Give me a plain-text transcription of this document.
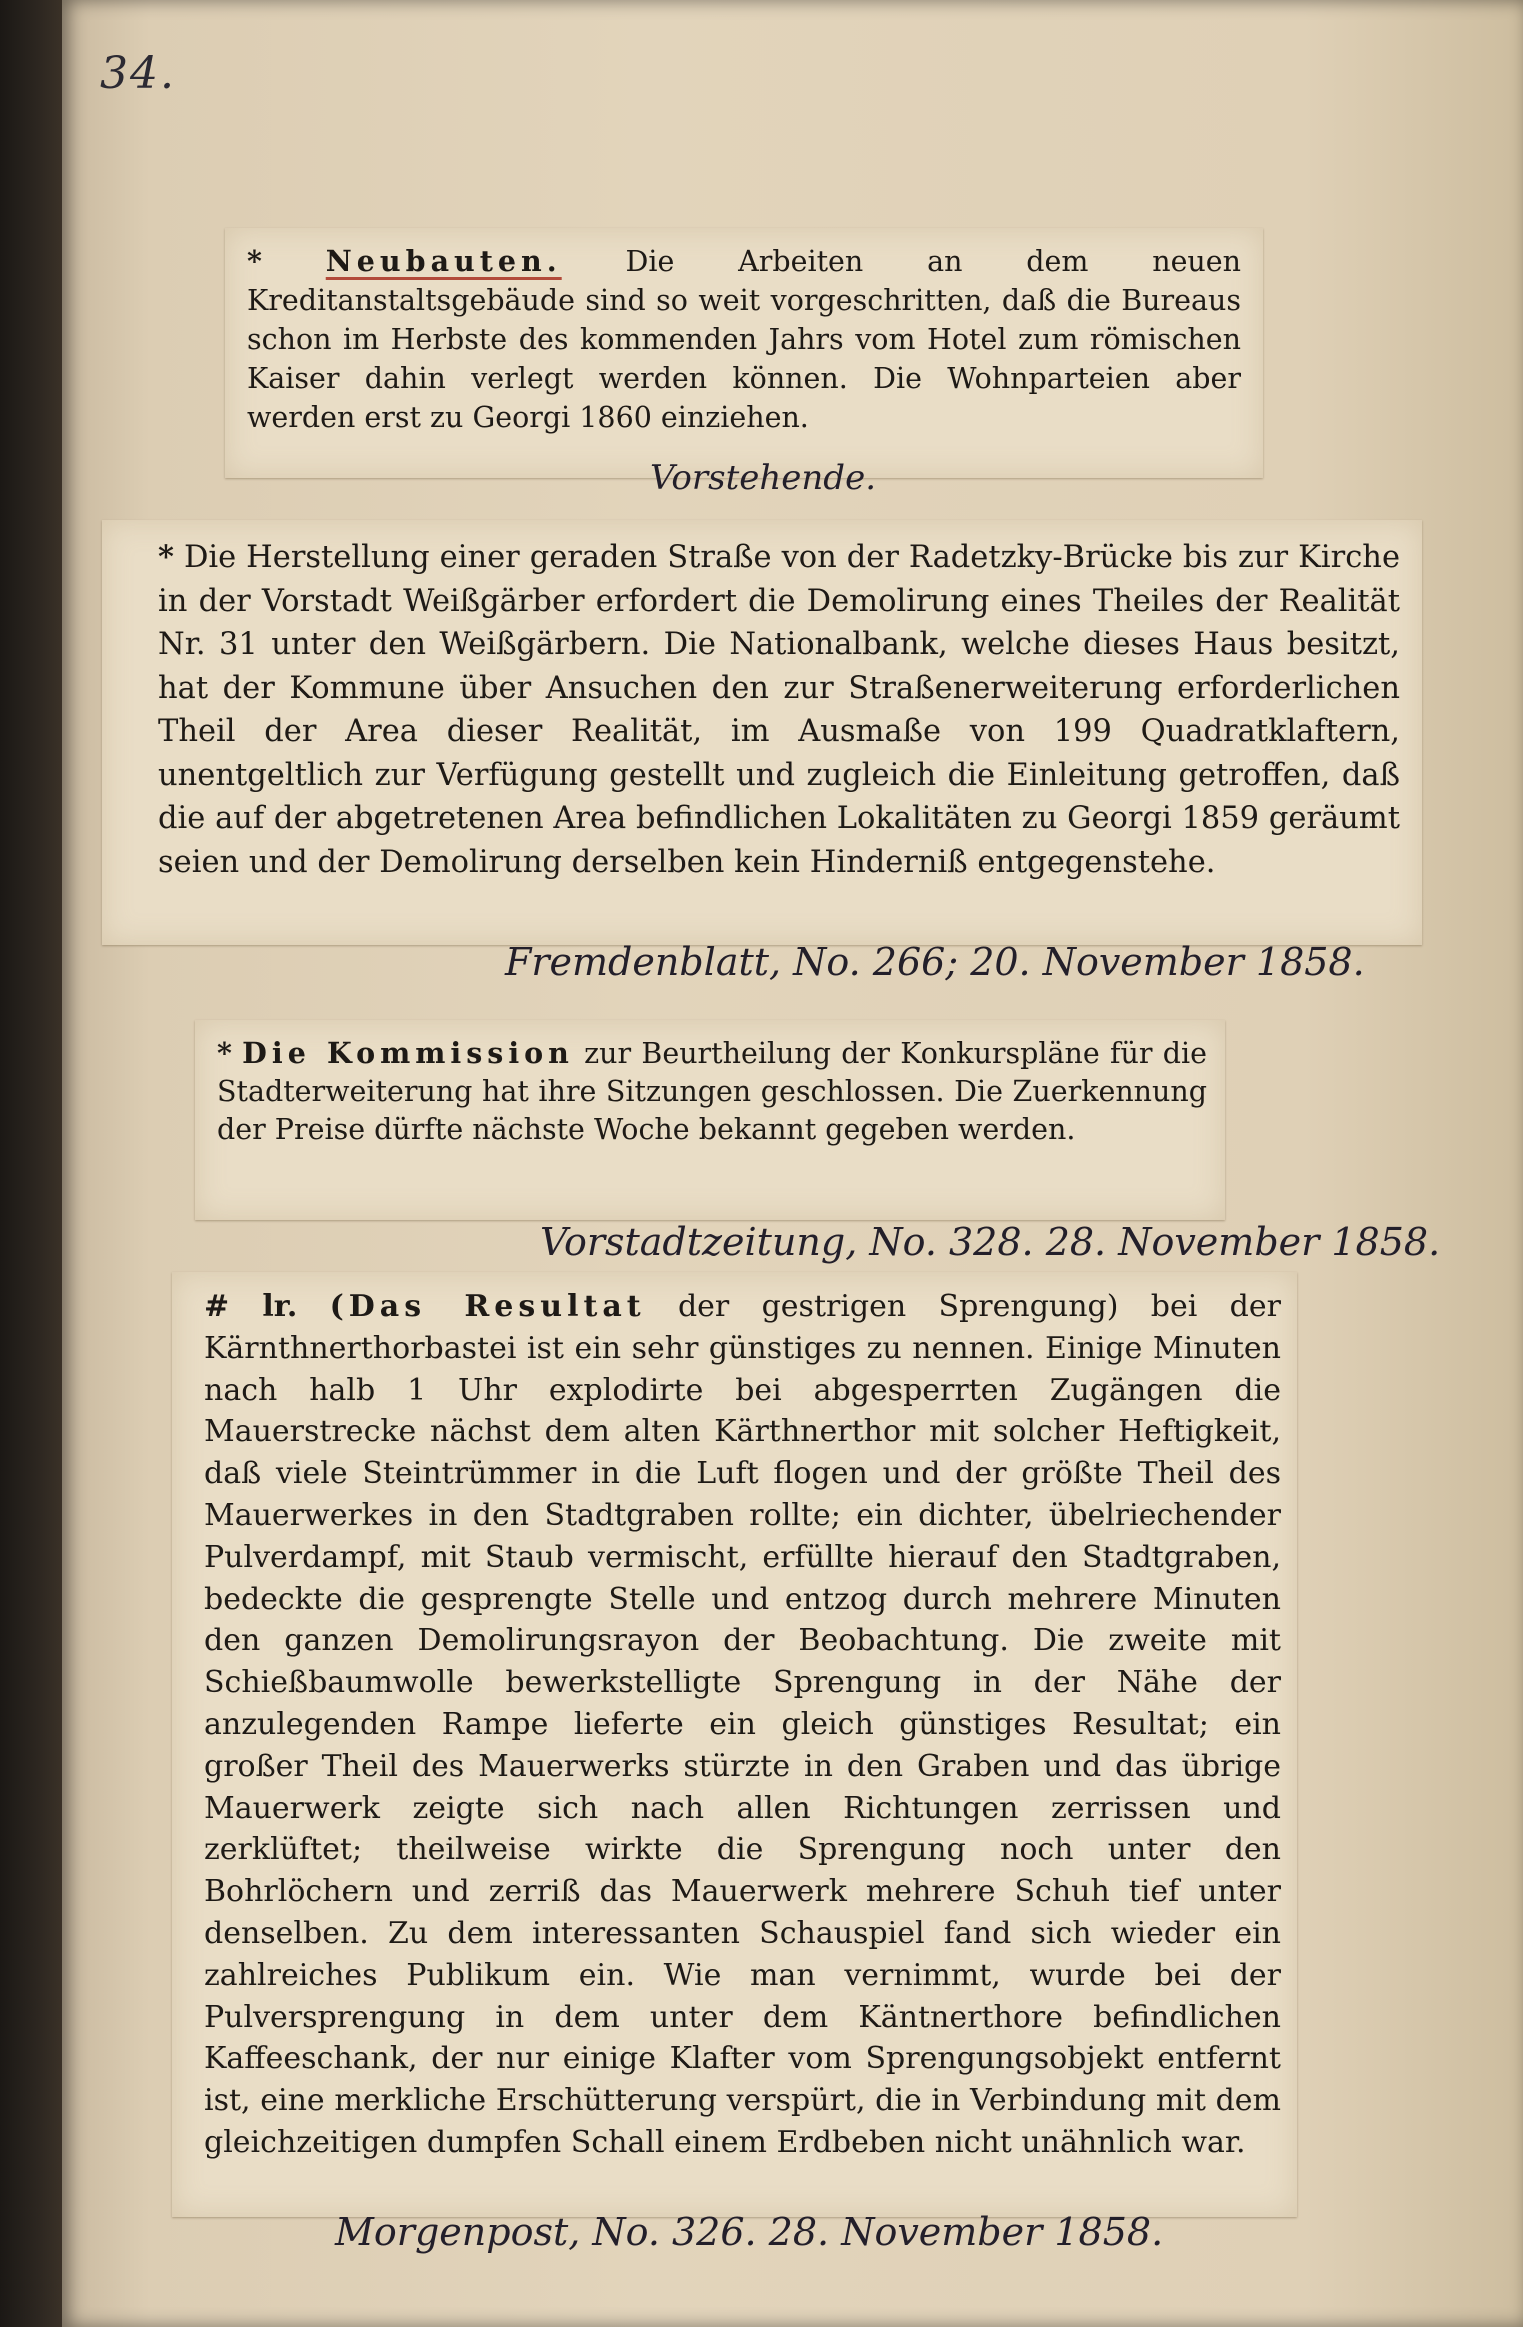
34.

* Neubauten. Die Arbeiten an dem neuen Kreditanstaltsgebäude sind so weit vorgeschritten, daß die Bureaus schon im Herbste des kommenden Jahrs vom Hotel zum römischen Kaiser dahin verlegt werden können. Die Wohnparteien aber werden erst zu Georgi 1860 einziehen.

Vorstehende.

* Die Herstellung einer geraden Straße von der Radetzky-Brücke bis zur Kirche in der Vorstadt Weißgärber erfordert die Demolirung eines Theiles der Realität Nr. 31 unter den Weißgärbern. Die Nationalbank, welche dieses Haus besitzt, hat der Kommune über Ansuchen den zur Straßenerweiterung erforderlichen Theil der Area dieser Realität, im Ausmaße von 199 Quadratklaftern, unentgeltlich zur Verfügung gestellt und zugleich die Einleitung getroffen, daß die auf der abgetretenen Area befindlichen Lokalitäten zu Georgi 1859 geräumt seien und der Demolirung derselben kein Hinderniß entgegenstehe.

Fremdenblatt, No. 266; 20. November 1858.

* Die Kommission zur Beurtheilung der Konkurspläne für die Stadterweiterung hat ihre Sitzungen geschlossen. Die Zuerkennung der Preise dürfte nächste Woche bekannt gegeben werden.

Vorstadtzeitung, No. 328. 28. November 1858.

# lr. (Das Resultat der gestrigen Sprengung) bei der Kärnthnerthorbastei ist ein sehr günstiges zu nennen. Einige Minuten nach halb 1 Uhr explodirte bei abgesperrten Zugängen die Mauerstrecke nächst dem alten Kärthnerthor mit solcher Heftigkeit, daß viele Steintrümmer in die Luft flogen und der größte Theil des Mauerwerkes in den Stadtgraben rollte; ein dichter, übelriechender Pulverdampf, mit Staub vermischt, erfüllte hierauf den Stadtgraben, bedeckte die gesprengte Stelle und entzog durch mehrere Minuten den ganzen Demolirungsrayon der Beobachtung. Die zweite mit Schießbaumwolle bewerkstelligte Sprengung in der Nähe der anzulegenden Rampe lieferte ein gleich günstiges Resultat; ein großer Theil des Mauerwerks stürzte in den Graben und das übrige Mauerwerk zeigte sich nach allen Richtungen zerrissen und zerklüftet; theilweise wirkte die Sprengung noch unter den Bohrlöchern und zerriß das Mauerwerk mehrere Schuh tief unter denselben. Zu dem interessanten Schauspiel fand sich wieder ein zahlreiches Publikum ein. Wie man vernimmt, wurde bei der Pulversprengung in dem unter dem Käntnerthore befindlichen Kaffeeschank, der nur einige Klafter vom Sprengungsobjekt entfernt ist, eine merkliche Erschütterung verspürt, die in Verbindung mit dem gleichzeitigen dumpfen Schall einem Erdbeben nicht unähnlich war.

Morgenpost, No. 326. 28. November 1858.
